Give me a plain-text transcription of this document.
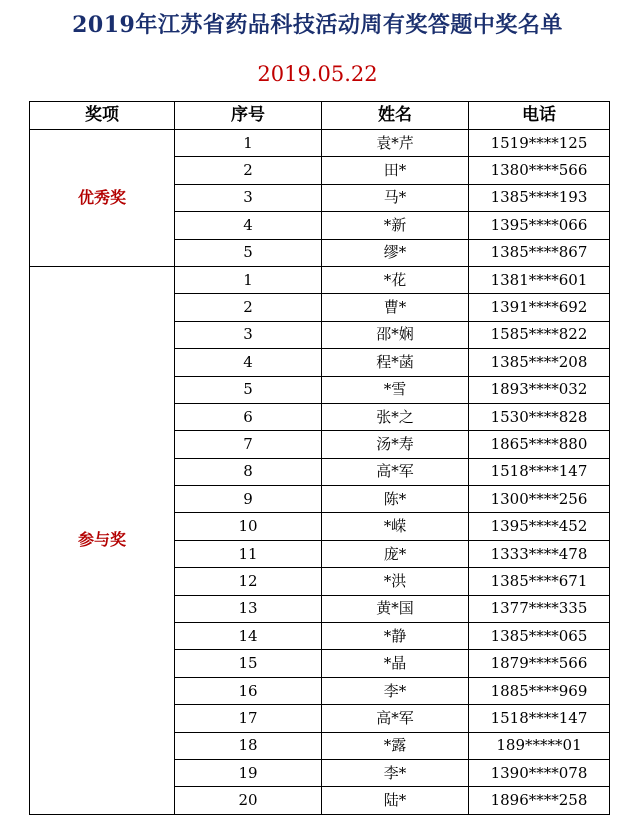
2019年江苏省药品科技活动周有奖答题中奖名单
2019.05.22
奖项	序号	姓名	电话
优秀奖	1	袁*芹	1519****125
	2	田*	1380****566
	3	马*	1385****193
	4	*新	1395****066
	5	缪*	1385****867
参与奖	1	*花	1381****601
	2	曹*	1391****692
	3	邵*娴	1585****822
	4	程*菡	1385****208
	5	*雪	1893****032
	6	张*之	1530****828
	7	汤*寿	1865****880
	8	高*军	1518****147
	9	陈*	1300****256
	10	*嵘	1395****452
	11	庞*	1333****478
	12	*洪	1385****671
	13	黄*国	1377****335
	14	*静	1385****065
	15	*晶	1879****566
	16	李*	1885****969
	17	高*军	1518****147
	18	*露	189*****01
	19	李*	1390****078
	20	陆*	1896****258
